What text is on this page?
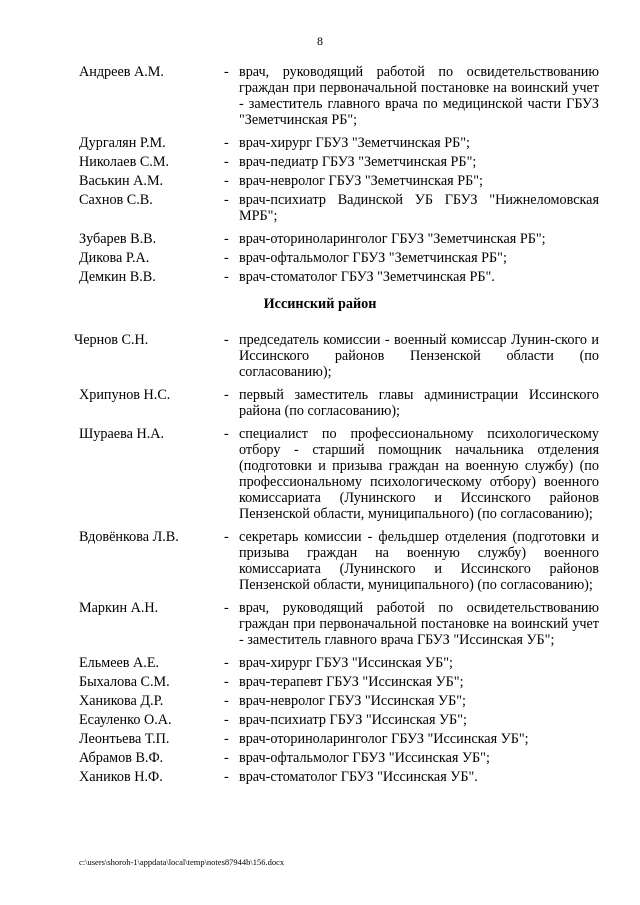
8
Андреев А.М.	- врач, руководящий работой по освидетельствованию граждан при первоначальной постановке на воинский учет - заместитель главного врача по медицинской части ГБУЗ "Земетчинская РБ";
Дургалян Р.М.	- врач-хирург ГБУЗ "Земетчинская РБ";
Николаев С.М.	- врач-педиатр ГБУЗ "Земетчинская РБ";
Васькин А.М.	- врач-невролог ГБУЗ "Земетчинская РБ";
Сахнов С.В.	- врач-психиатр Вадинской УБ ГБУЗ "Нижнеломовская МРБ";
Зубарев В.В.	- врач-оториноларинголог ГБУЗ "Земетчинская РБ";
Дикова Р.А.	- врач-офтальмолог ГБУЗ "Земетчинская РБ";
Демкин В.В.	- врач-стоматолог ГБУЗ "Земетчинская РБ".
Иссинский район
Чернов С.Н.	- председатель комиссии - военный комиссар Лунин-ского и Иссинского районов Пензенской области (по согласованию);
Хрипунов Н.С.	- первый заместитель главы администрации Иссинского района (по согласованию);
Шураева Н.А.	- специалист по профессиональному психологическому отбору - старший помощник начальника отделения (подготовки и призыва граждан на военную службу) (по профессиональному психологическому отбору) военного комиссариата (Лунинского и Иссинского районов Пензенской области, муниципального) (по согласованию);
Вдовёнкова Л.В.	- секретарь комиссии - фельдшер отделения (подготовки и призыва граждан на военную службу) военного комиссариата (Лунинского и Иссинского районов Пензенской области, муниципального) (по согласованию);
Маркин А.Н.	- врач, руководящий работой по освидетельствованию граждан при первоначальной постановке на воинский учет - заместитель главного врача ГБУЗ "Иссинская УБ";
Ельмеев А.Е.	- врач-хирург ГБУЗ "Иссинская УБ";
Быхалова С.М.	- врач-терапевт ГБУЗ "Иссинская УБ";
Ханикова Д.Р.	- врач-невролог ГБУЗ "Иссинская УБ";
Есауленко О.А.	- врач-психиатр ГБУЗ "Иссинская УБ";
Леонтьева Т.П.	- врач-оториноларинголог ГБУЗ "Иссинская УБ";
Абрамов В.Ф.	- врач-офтальмолог ГБУЗ "Иссинская УБ";
Хаников Н.Ф.	- врач-стоматолог ГБУЗ "Иссинская УБ".
c:\users\shoroh-1\appdata\local\temp\notes87944b\156.docx
